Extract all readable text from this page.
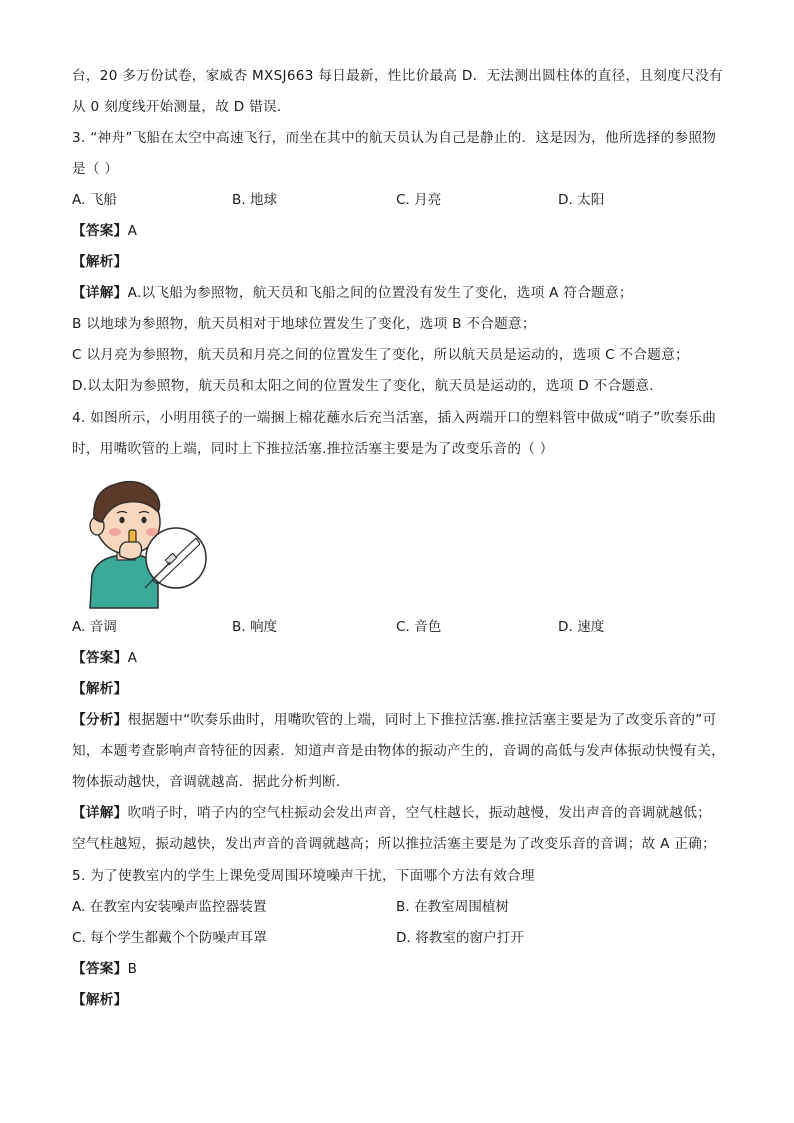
台，20 多万份试卷，家威杏 MXSJ663 每日最新，性比价最高 D．无法测出圆柱体的直径，且刻度尺没有
从 0 刻度线开始测量，故 D 错误．
3. “神舟”飞船在太空中高速飞行，而坐在其中的航天员认为自己是静止的．这是因为，他所选择的参照物
是（ ）
A. 飞船	B. 地球	C. 月亮	D. 太阳
【答案】A
【解析】
【详解】A.以飞船为参照物，航天员和飞船之间的位置没有发生了变化，选项 A 符合题意；
B 以地球为参照物，航天员相对于地球位置发生了变化，选项 B 不合题意；
C 以月亮为参照物，航天员和月亮之间的位置发生了变化，所以航天员是运动的，选项 C 不合题意；
D.以太阳为参照物，航天员和太阳之间的位置发生了变化，航天员是运动的，选项 D 不合题意．
4. 如图所示，小明用筷子的一端捆上棉花蘸水后充当活塞，插入两端开口的塑料管中做成“哨子”吹奏乐曲
时，用嘴吹管的上端，同时上下推拉活塞.推拉活塞主要是为了改变乐音的（ ）
A. 音调	B. 响度	C. 音色	D. 速度
【答案】A
【解析】
【分析】根据题中“吹奏乐曲时，用嘴吹管的上端，同时上下推拉活塞.推拉活塞主要是为了改变乐音的”可
知，本题考查影响声音特征的因素．知道声音是由物体的振动产生的，音调的高低与发声体振动快慢有关，
物体振动越快，音调就越高．据此分析判断．
【详解】吹哨子时，哨子内的空气柱振动会发出声音，空气柱越长，振动越慢，发出声音的音调就越低；
空气柱越短，振动越快，发出声音的音调就越高；所以推拉活塞主要是为了改变乐音的音调；故 A 正确；
5. 为了使教室内的学生上课免受周围环境噪声干扰，下面哪个方法有效合理
A. 在教室内安装噪声监控器装置	B. 在教室周围植树
C. 每个学生都戴个个防噪声耳罩	D. 将教室的窗户打开
【答案】B
【解析】
